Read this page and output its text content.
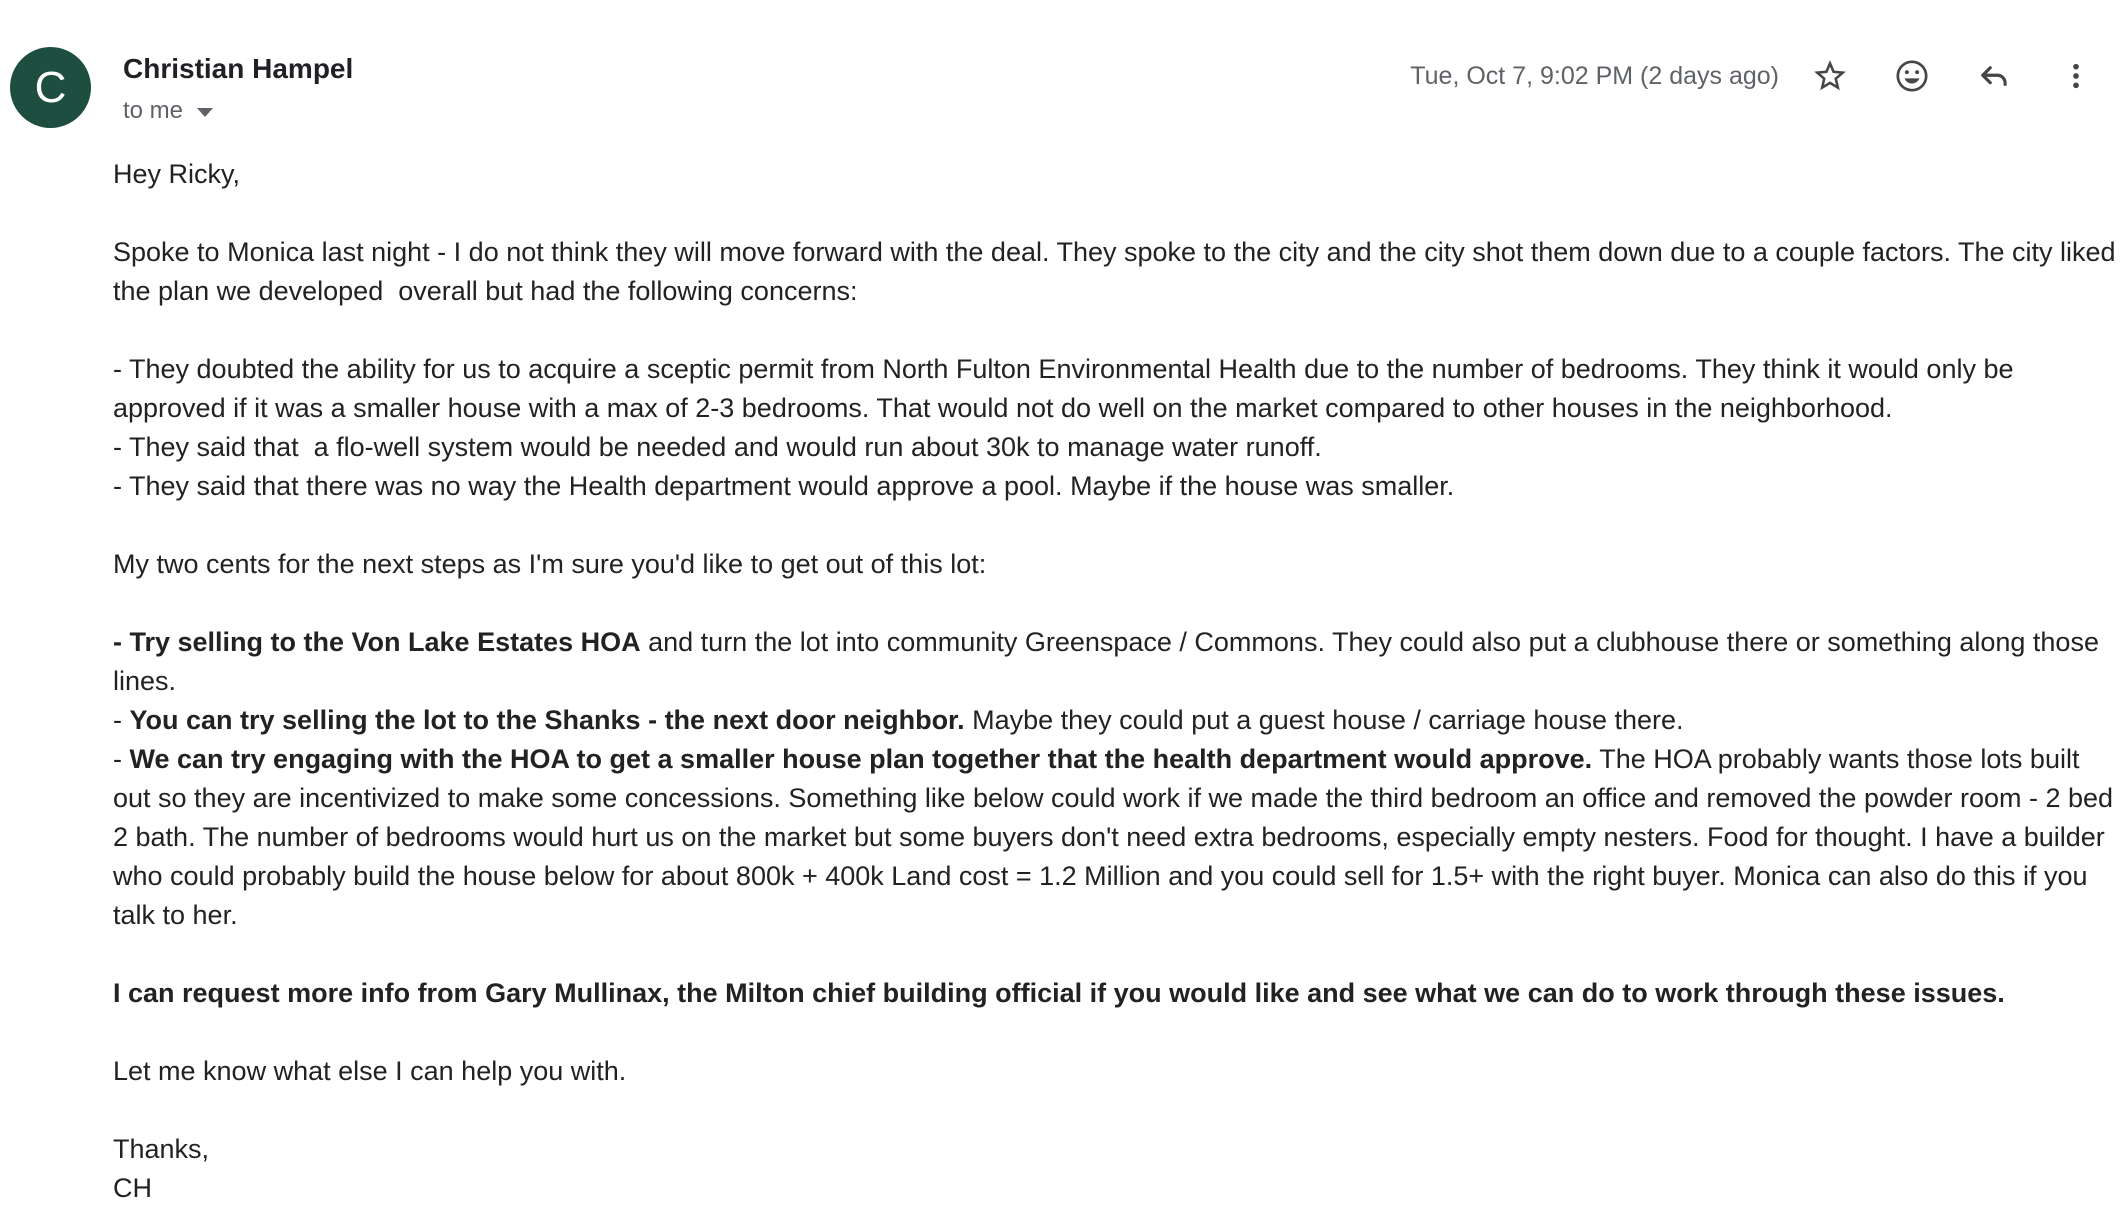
C Christian Hampel
to me
Tue, Oct 7, 9:02 PM (2 days ago)
Hey Ricky,
Spoke to Monica last night - I do not think they will move forward with the deal. They spoke to the city and the city shot them down due to a couple factors. The city liked the plan we developed  overall but had the following concerns:
- They doubted the ability for us to acquire a sceptic permit from North Fulton Environmental Health due to the number of bedrooms. They think it would only be approved if it was a smaller house with a max of 2-3 bedrooms. That would not do well on the market compared to other houses in the neighborhood.
- They said that  a flo-well system would be needed and would run about 30k to manage water runoff.
- They said that there was no way the Health department would approve a pool. Maybe if the house was smaller.
My two cents for the next steps as I'm sure you'd like to get out of this lot:
- Try selling to the Von Lake Estates HOA and turn the lot into community Greenspace / Commons. They could also put a clubhouse there or something along those lines.
- You can try selling the lot to the Shanks - the next door neighbor. Maybe they could put a guest house / carriage house there.
- We can try engaging with the HOA to get a smaller house plan together that the health department would approve. The HOA probably wants those lots built out so they are incentivized to make some concessions. Something like below could work if we made the third bedroom an office and removed the powder room - 2 bed 2 bath. The number of bedrooms would hurt us on the market but some buyers don't need extra bedrooms, especially empty nesters. Food for thought. I have a builder who could probably build the house below for about 800k + 400k Land cost = 1.2 Million and you could sell for 1.5+ with the right buyer. Monica can also do this if you talk to her.
I can request more info from Gary Mullinax, the Milton chief building official if you would like and see what we can do to work through these issues.
Let me know what else I can help you with.
Thanks,
CH
